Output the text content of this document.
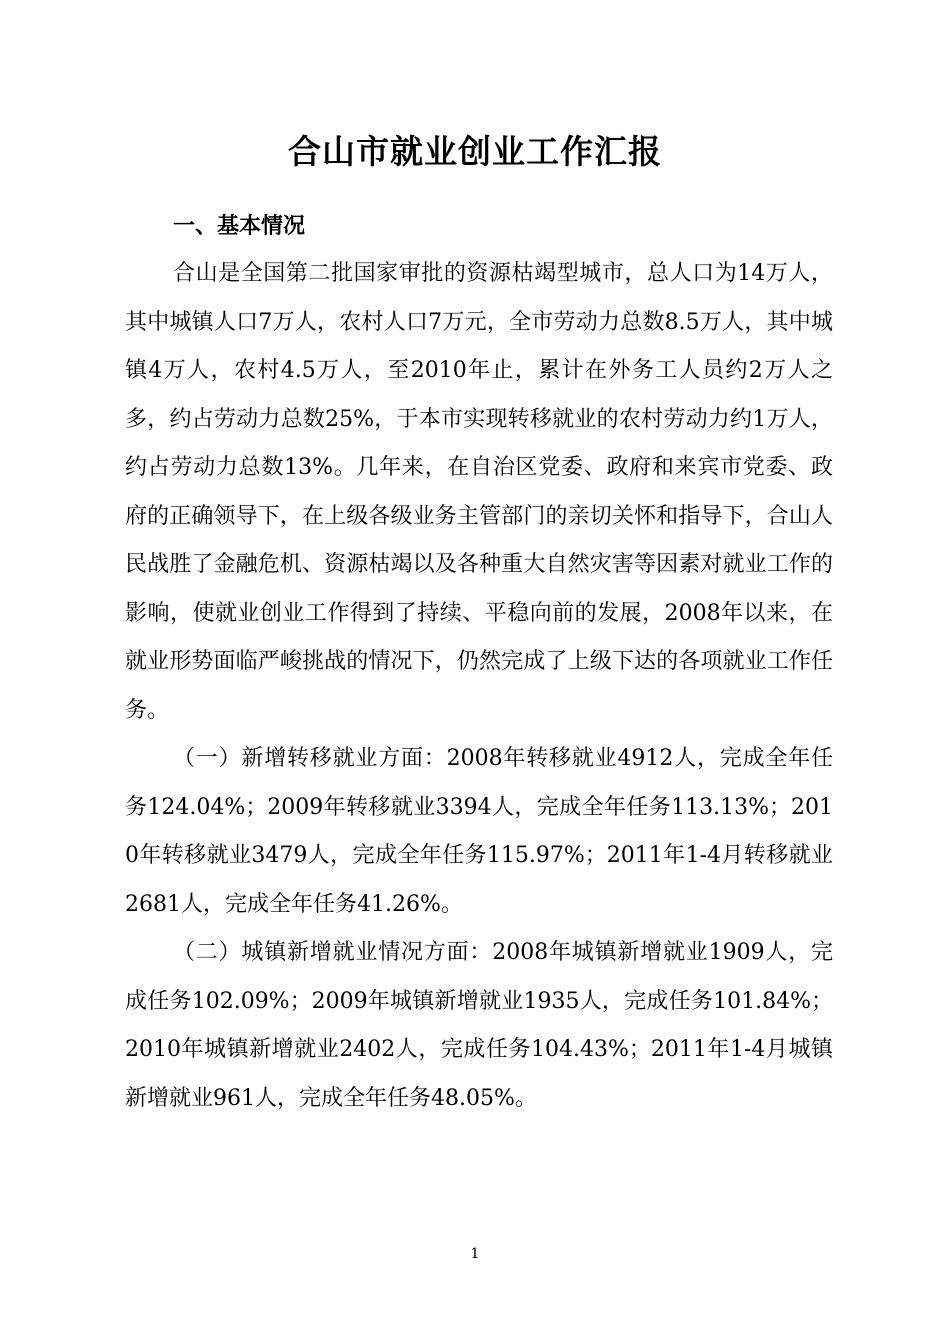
合山市就业创业工作汇报

一、基本情况

合山是全国第二批国家审批的资源枯竭型城市，总人口为14万人，其中城镇人口7万人，农村人口7万元，全市劳动力总数8.5万人，其中城镇4万人，农村4.5万人，至2010年止，累计在外务工人员约2万人之多，约占劳动力总数25%，于本市实现转移就业的农村劳动力约1万人，约占劳动力总数13%。几年来，在自治区党委、政府和来宾市党委、政府的正确领导下，在上级各级业务主管部门的亲切关怀和指导下，合山人民战胜了金融危机、资源枯竭以及各种重大自然灾害等因素对就业工作的影响，使就业创业工作得到了持续、平稳向前的发展，2008年以来，在就业形势面临严峻挑战的情况下，仍然完成了上级下达的各项就业工作任务。

（一）新增转移就业方面：2008年转移就业4912人，完成全年任务124.04%；2009年转移就业3394人，完成全年任务113.13%；2010年转移就业3479人，完成全年任务115.97%；2011年1-4月转移就业2681人，完成全年任务41.26%。

（二）城镇新增就业情况方面：2008年城镇新增就业1909人，完成任务102.09%；2009年城镇新增就业1935人，完成任务101.84%；2010年城镇新增就业2402人，完成任务104.43%；2011年1-4月城镇新增就业961人，完成全年任务48.05%。

1
